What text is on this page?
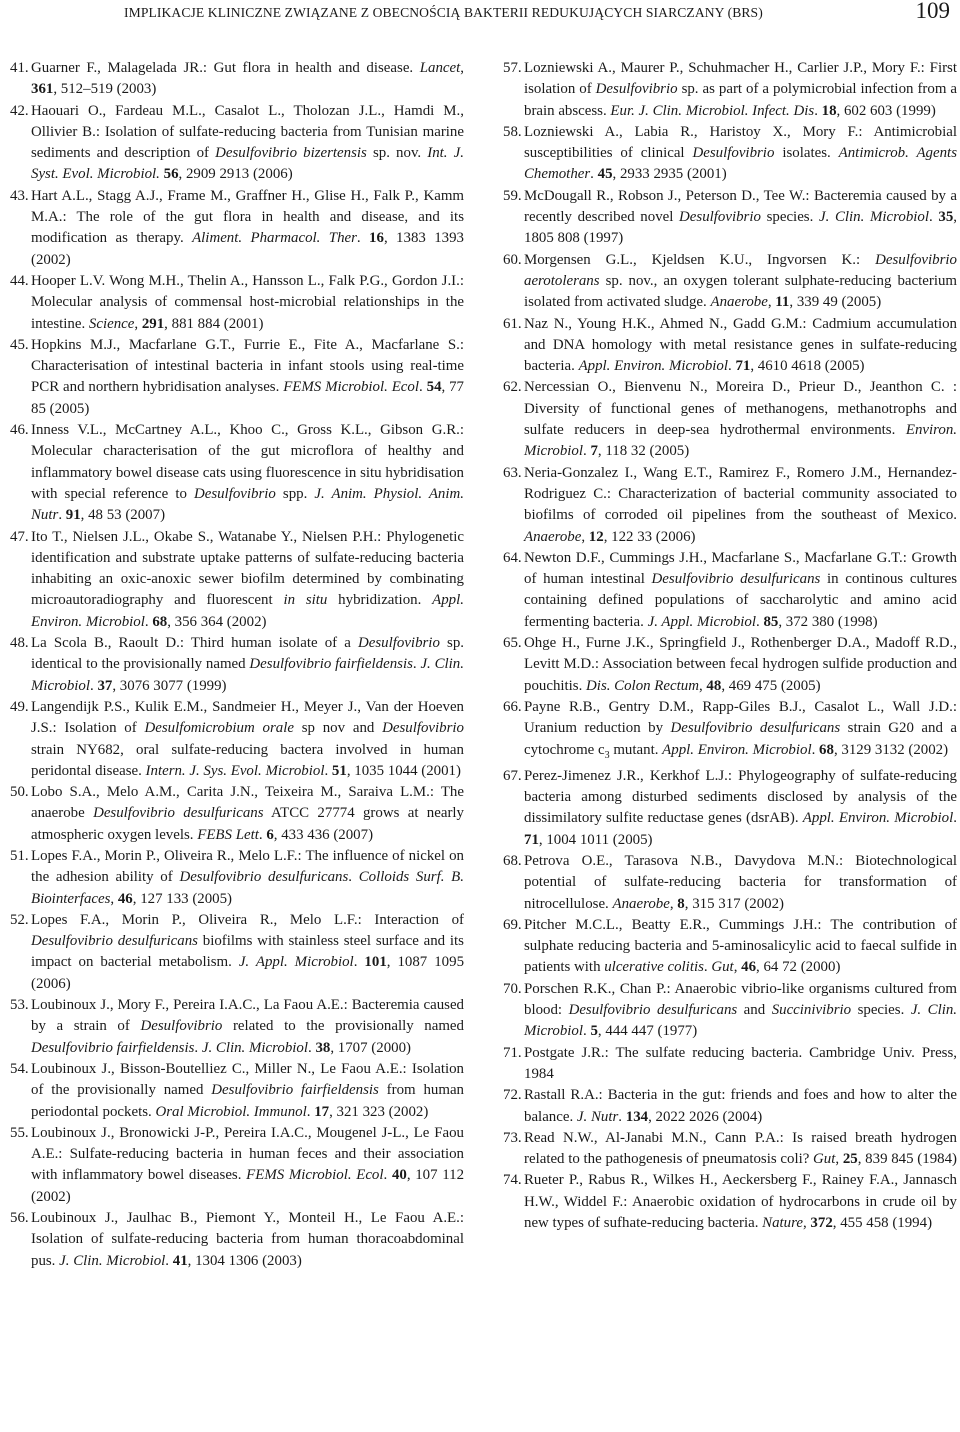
IMPLIKACJE KLINICZNE ZWIĄZANE Z OBECNOŚCIĄ BAKTERII REDUKUJĄCYCH SIARCZANY (BRS)	109

41. Guarner F., Malagelada JR.: Gut flora in health and disease. Lancet, 361, 512–519 (2003)

42. Haouari O., Fardeau M.L., Casalot L., Tholozan J.L., Hamdi M., Ollivier B.: Isolation of sulfate-reducing bacteria from Tunisian marine sediments and description of Desulfovibrio bizertensis sp. nov. Int. J. Syst. Evol. Microbiol. 56, 2909 2913 (2006)

43. Hart A.L., Stagg A.J., Frame M., Graffner H., Glise H., Falk P., Kamm M.A.: The role of the gut flora in health and disease, and its modification as therapy. Aliment. Pharmacol. Ther. 16, 1383 1393 (2002)

44. Hooper L.V. Wong M.H., Thelin A., Hansson L., Falk P.G., Gordon J.I.: Molecular analysis of commensal host-microbial relationships in the intestine. Science, 291, 881 884 (2001)

45. Hopkins M.J., Macfarlane G.T., Furrie E., Fite A., Macfarlane S.: Characterisation of intestinal bacteria in infant stools using real-time PCR and northern hybridisation analyses. FEMS Microbiol. Ecol. 54, 77 85 (2005)

46. Inness V.L., McCartney A.L., Khoo C., Gross K.L., Gibson G.R.: Molecular characterisation of the gut microflora of healthy and inflammatory bowel disease cats using fluorescence in situ hybridisation with special reference to Desulfovibrio spp. J. Anim. Physiol. Anim. Nutr. 91, 48 53 (2007)

47. Ito T., Nielsen J.L., Okabe S., Watanabe Y., Nielsen P.H.: Phylogenetic identification and substrate uptake patterns of sulfate-reducing bacteria inhabiting an oxic-anoxic sewer biofilm determined by combinating microautoradiography and fluorescent in situ hybridization. Appl. Environ. Microbiol. 68, 356 364 (2002)

48. La Scola B., Raoult D.: Third human isolate of a Desulfovibrio sp. identical to the provisionally named Desulfovibrio fairfieldensis. J. Clin. Microbiol. 37, 3076 3077 (1999)

49. Langendijk P.S., Kulik E.M., Sandmeier H., Meyer J., Van der Hoeven J.S.: Isolation of Desulfomicrobium orale sp nov and Desulfovibrio strain NY682, oral sulfate-reducing bactera involved in human peridontal disease. Intern. J. Sys. Evol. Microbiol. 51, 1035 1044 (2001)

50. Lobo S.A., Melo A.M., Carita J.N., Teixeira M., Saraiva L.M.: The anaerobe Desulfovibrio desulfuricans ATCC 27774 grows at nearly atmospheric oxygen levels. FEBS Lett. 6, 433 436 (2007)

51. Lopes F.A., Morin P., Oliveira R., Melo L.F.: The influence of nickel on the adhesion ability of Desulfovibrio desulfuricans. Colloids Surf. B. Biointerfaces, 46, 127 133 (2005)

52. Lopes F.A., Morin P., Oliveira R., Melo L.F.: Interaction of Desulfovibrio desulfuricans biofilms with stainless steel surface and its impact on bacterial metabolism. J. Appl. Microbiol. 101, 1087 1095 (2006)

53. Loubinoux J., Mory F., Pereira I.A.C., La Faou A.E.: Bacteremia caused by a strain of Desulfovibrio related to the provisionally named Desulfovibrio fairfieldensis. J. Clin. Microbiol. 38, 1707 (2000)

54. Loubinoux J., Bisson-Boutelliez C., Miller N., Le Faou A.E.: Isolation of the provisionally named Desulfovibrio fairfieldensis from human periodontal pockets. Oral Microbiol. Immunol. 17, 321 323 (2002)

55. Loubinoux J., Bronowicki J-P., Pereira I.A.C., Mougenel J-L., Le Faou A.E.: Sulfate-reducing bacteria in human feces and their association with inflammatory bowel diseases. FEMS Microbiol. Ecol. 40, 107 112 (2002)

56. Loubinoux J., Jaulhac B., Piemont Y., Monteil H., Le Faou A.E.: Isolation of sulfate-reducing bacteria from human thoracoabdominal pus. J. Clin. Microbiol. 41, 1304 1306 (2003)

57. Lozniewski A., Maurer P., Schuhmacher H., Carlier J.P., Mory F.: First isolation of Desulfovibrio sp. as part of a polymicrobial infection from a brain abscess. Eur. J. Clin. Microbiol. Infect. Dis. 18, 602 603 (1999)

58. Lozniewski A., Labia R., Haristoy X., Mory F.: Antimicrobial susceptibilities of clinical Desulfovibrio isolates. Antimicrob. Agents Chemother. 45, 2933 2935 (2001)

59. McDougall R., Robson J., Peterson D., Tee W.: Bacteremia caused by a recently described novel Desulfovibrio species. J. Clin. Microbiol. 35, 1805 808 (1997)

60. Morgensen G.L., Kjeldsen K.U., Ingvorsen K.: Desulfovibrio aerotolerans sp. nov., an oxygen tolerant sulphate-reducing bacterium isolated from activated sludge. Anaerobe, 11, 339 49 (2005)

61. Naz N., Young H.K., Ahmed N., Gadd G.M.: Cadmium accumulation and DNA homology with metal resistance genes in sulfate-reducing bacteria. Appl. Environ. Microbiol. 71, 4610 4618 (2005)

62. Nercessian O., Bienvenu N., Moreira D., Prieur D., Jeanthon C. : Diversity of functional genes of methanogens, methanotrophs and sulfate reducers in deep-sea hydrothermal environments. Environ. Microbiol. 7, 118 32 (2005)

63. Neria-Gonzalez I., Wang E.T., Ramirez F., Romero J.M., Hernandez-Rodriguez C.: Characterization of bacterial community associated to biofilms of corroded oil pipelines from the southeast of Mexico. Anaerobe, 12, 122 33 (2006)

64. Newton D.F., Cummings J.H., Macfarlane S., Macfarlane G.T.: Growth of human intestinal Desulfovibrio desulfuricans in continous cultures containing defined populations of saccharolytic and amino acid fermenting bacteria. J. Appl. Microbiol. 85, 372 380 (1998)

65. Ohge H., Furne J.K., Springfield J., Rothenberger D.A., Madoff R.D., Levitt M.D.: Association between fecal hydrogen sulfide production and pouchitis. Dis. Colon Rectum, 48, 469 475 (2005)

66. Payne R.B., Gentry D.M., Rapp-Giles B.J., Casalot L., Wall J.D.: Uranium reduction by Desulfovibrio desulfuricans strain G20 and a cytochrome $c_3$ mutant. Appl. Environ. Microbiol. 68, 3129 3132 (2002)

67. Perez-Jimenez J.R., Kerkhof L.J.: Phylogeography of sulfate-reducing bacteria among disturbed sediments disclosed by analysis of the dissimilatory sulfite reductase genes (dsrAB). Appl. Environ. Microbiol. 71, 1004 1011 (2005)

68. Petrova O.E., Tarasova N.B., Davydova M.N.: Biotechnological potential of sulfate-reducing bacteria for transformation of nitrocellulose. Anaerobe, 8, 315 317 (2002)

69. Pitcher M.C.L., Beatty E.R., Cummings J.H.: The contribution of sulphate reducing bacteria and 5-aminosalicylic acid to faecal sulfide in patients with ulcerative colitis. Gut, 46, 64 72 (2000)

70. Porschen R.K., Chan P.: Anaerobic vibrio-like organisms cultured from blood: Desulfovibrio desulfuricans and Succinivibrio species. J. Clin. Microbiol. 5, 444 447 (1977)

71. Postgate J.R.: The sulfate reducing bacteria. Cambridge Univ. Press, 1984

72. Rastall R.A.: Bacteria in the gut: friends and foes and how to alter the balance. J. Nutr. 134, 2022 2026 (2004)

73. Read N.W., Al-Janabi M.N., Cann P.A.: Is raised breath hydrogen related to the pathogenesis of pneumatosis coli? Gut, 25, 839 845 (1984)

74. Rueter P., Rabus R., Wilkes H., Aeckersberg F., Rainey F.A., Jannasch H.W., Widdel F.: Anaerobic oxidation of hydrocarbons in crude oil by new types of sufhate-reducing bacteria. Nature, 372, 455 458 (1994)
